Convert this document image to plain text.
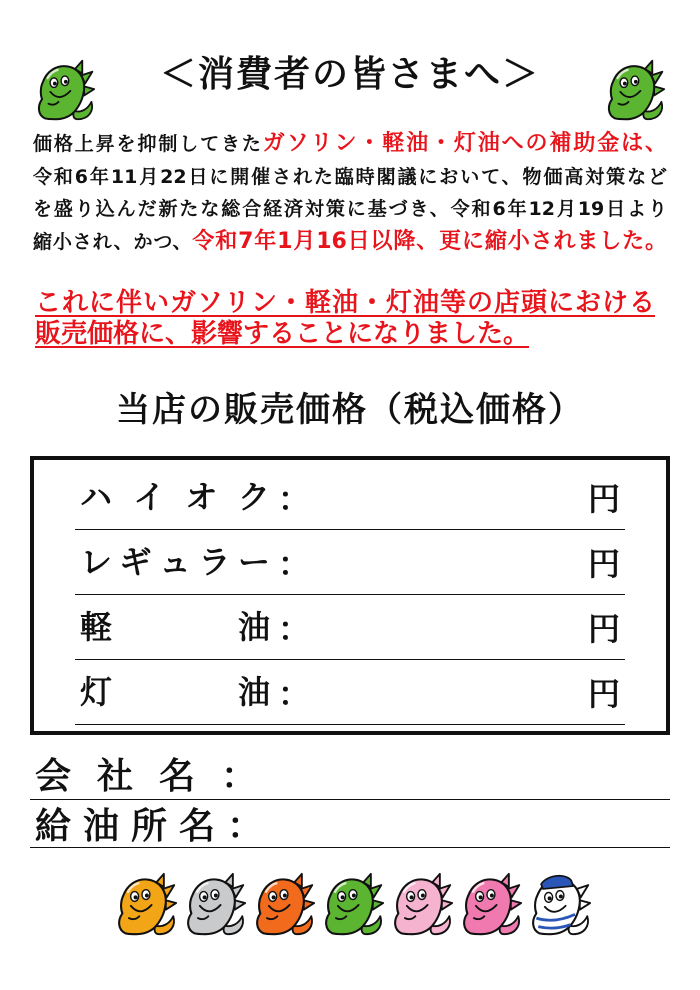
＜消費者の皆さまへ＞
価格上昇を抑制してきたガソリン・軽油・灯油への補助金は、
令和6年11月22日に開催された臨時閣議において、物価高対策など
を盛り込んだ新たな総合経済対策に基づき、令和6年12月19日より
縮小され、かつ、令和7年1月16日以降、更に縮小されました。
これに伴いガソリン・軽油・灯油等の店頭における
販売価格に、影響することになりました。
当店の販売価格（税込価格）
ハイオク ：	円
レギュラー ：	円
軽油 ：	円
灯油 ：	円
会社名 ：
給油所名 ：
